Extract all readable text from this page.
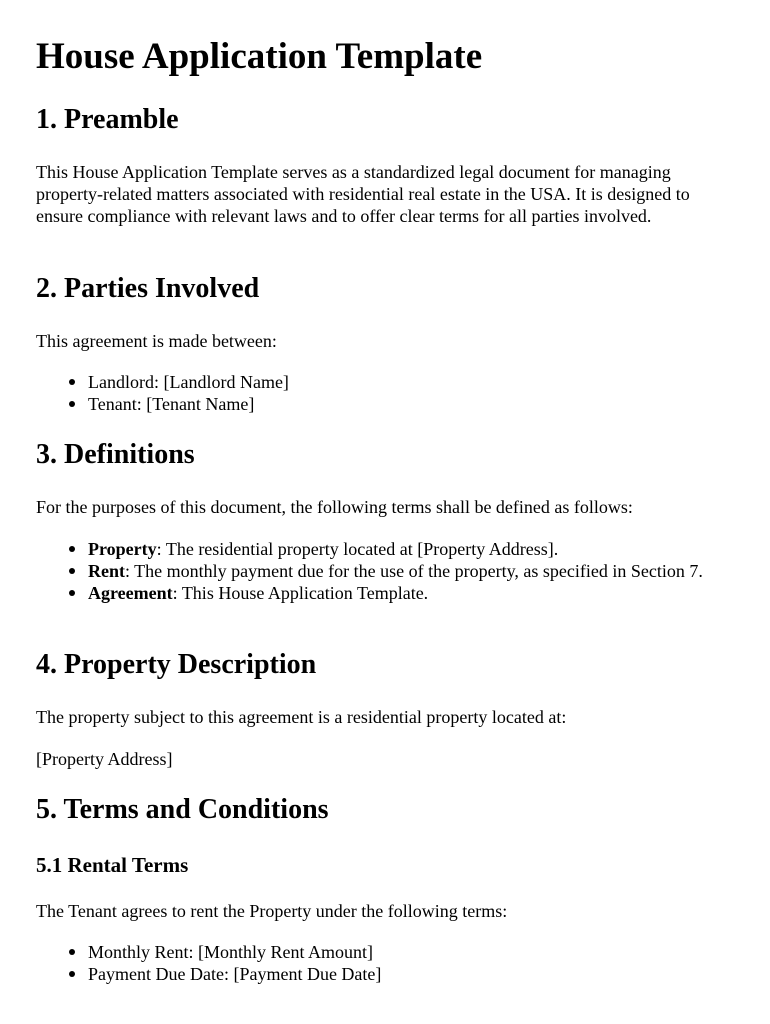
House Application Template
1. Preamble

This House Application Template serves as a standardized legal document for managing property-related matters associated with residential real estate in the USA. It is designed to ensure compliance with relevant laws and to offer clear terms for all parties involved.

2. Parties Involved

This agreement is made between:

Landlord: [Landlord Name]
Tenant: [Tenant Name]
3. Definitions

For the purposes of this document, the following terms shall be defined as follows:

Property: The residential property located at [Property Address].
Rent: The monthly payment due for the use of the property, as specified in Section 7.
Agreement: This House Application Template.
4. Property Description

The property subject to this agreement is a residential property located at:

[Property Address]

5. Terms and Conditions
5.1 Rental Terms

The Tenant agrees to rent the Property under the following terms:

Monthly Rent: [Monthly Rent Amount]
Payment Due Date: [Payment Due Date]
